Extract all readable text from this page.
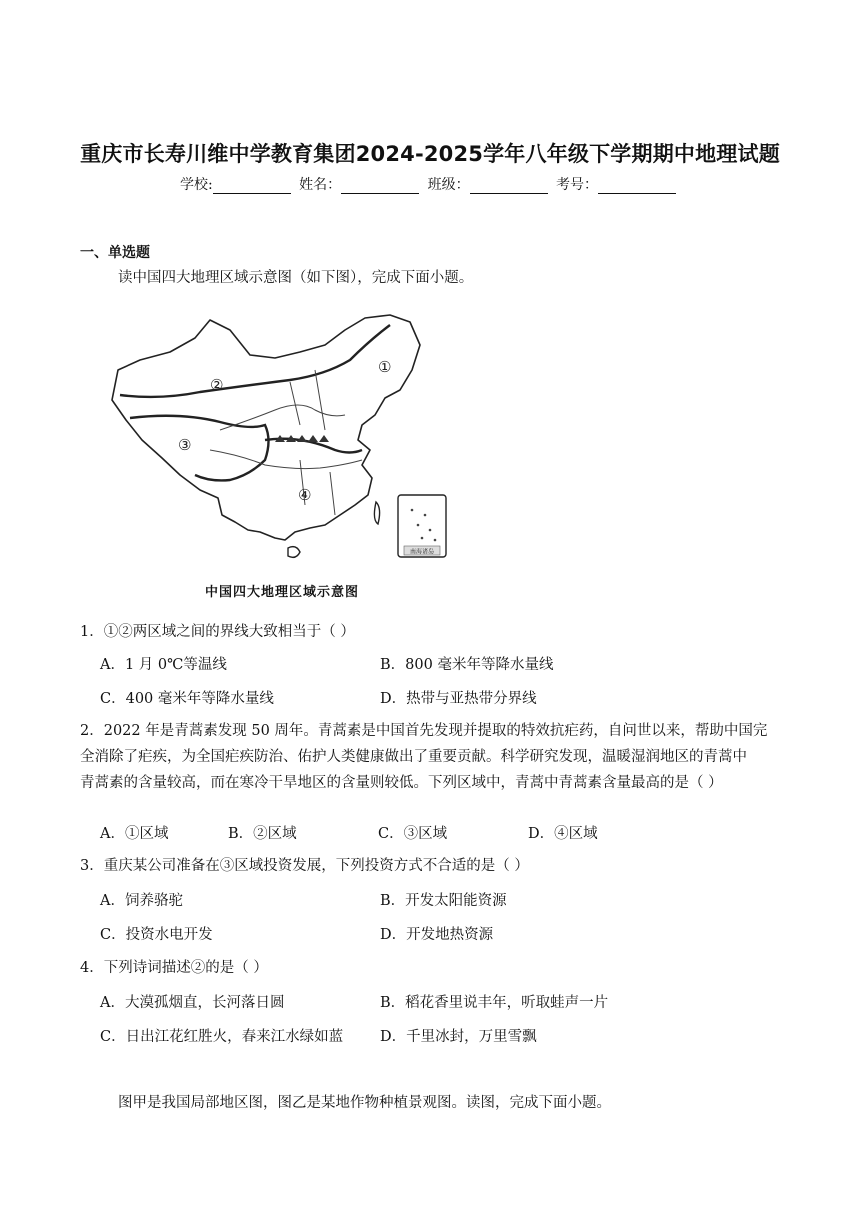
重庆市长寿川维中学教育集团2024-2025学年八年级下学期期中地理试题
学校:	姓名：	班级：	考号：
一、单选题
读中国四大地理区域示意图（如下图），完成下面小题。
南海诸岛
①
②
③
④
中国四大地理区域示意图
1．①②两区域之间的界线大致相当于（ ）
A．1 月 0℃等温线	B．800 毫米年等降水量线
C．400 毫米年等降水量线	D．热带与亚热带分界线
2．2022 年是青蒿素发现 50 周年。青蒿素是中国首先发现并提取的特效抗疟药，自问世以来，帮助中国完
全消除了疟疾，为全国疟疾防治、佑护人类健康做出了重要贡献。科学研究发现，温暖湿润地区的青蒿中
青蒿素的含量较高，而在寒冷干旱地区的含量则较低。下列区域中，青蒿中青蒿素含量最高的是（ ）
A．①区域	B．②区域	C．③区域	D．④区域
3．重庆某公司准备在③区域投资发展，下列投资方式不合适的是（ ）
A．饲养骆驼	B．开发太阳能资源
C．投资水电开发	D．开发地热资源
4．下列诗词描述②的是（ ）
A．大漠孤烟直，长河落日圆	B．稻花香里说丰年，听取蛙声一片
C．日出江花红胜火，春来江水绿如蓝	D．千里冰封，万里雪飘
图甲是我国局部地区图，图乙是某地作物种植景观图。读图，完成下面小题。
